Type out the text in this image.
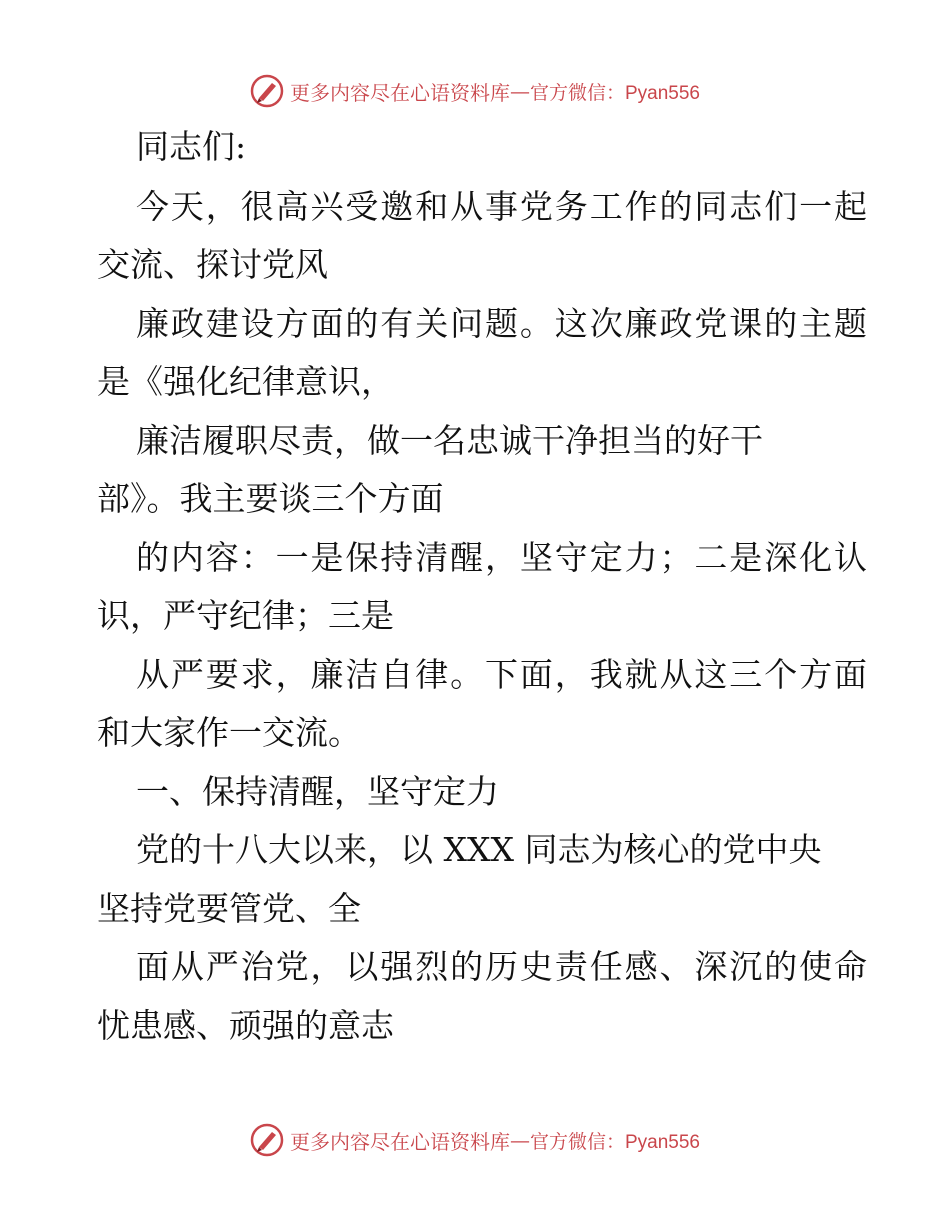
更多内容尽在心语资料库 — 官方微信：Pyan556
同志们:
今天，很高兴受邀和从事党务工作的同志们一起
交流、探讨党风
廉政建设方面的有关问题。这次廉政党课的主题
是《强化纪律意识，
廉洁履职尽责，做一名忠诚干净担当的好干
部》。我主要谈三个方面
的内容：一是保持清醒，坚守定力；二是深化认
识，严守纪律；三是
从严要求，廉洁自律。下面，我就从这三个方面
和大家作一交流。
一、保持清醒，坚守定力
党的十八大以来，以 XXX 同志为核心的党中央
坚持党要管党、全
面从严治党，以强烈的历史责任感、深沉的使命
忧患感、顽强的意志
更多内容尽在心语资料库 — 官方微信：Pyan556
